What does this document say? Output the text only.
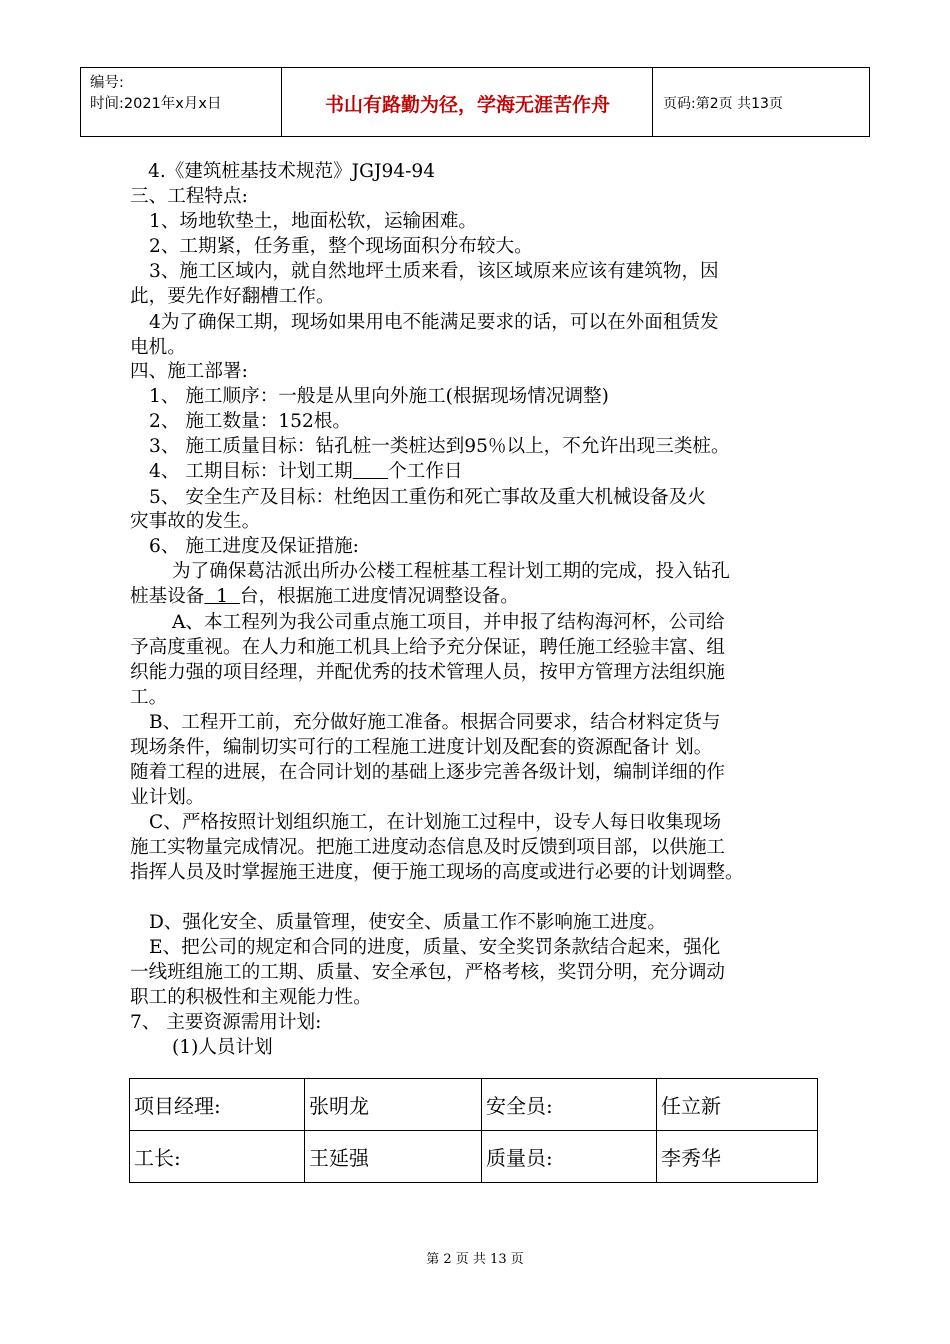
编号:
时间:2021年x月x日	书山有路勤为径，学海无涯苦作舟	页码:第2页 共13页
4.《建筑桩基技术规范》JGJ94-94
三、工程特点:
1、场地软垫土，地面松软，运输困难。
2、工期紧，任务重，整个现场面积分布较大。
3、施工区域内，就自然地坪土质来看，该区域原来应该有建筑物，因
此，要先作好翻槽工作。
4为了确保工期，现场如果用电不能满足要求的话，可以在外面租赁发
电机。
四、施工部署:
1、 施工顺序：一般是从里向外施工(根据现场情况调整)
2、 施工数量：152根。
3、 施工质量目标：钻孔桩一类桩达到95％以上，不允许出现三类桩。
4、 工期目标：计划工期 个工作日
5、 安全生产及目标：杜绝因工重伤和死亡事故及重大机械设备及火
灾事故的发生。
6、 施工进度及保证措施:
为了确保葛沽派出所办公楼工程桩基工程计划工期的完成，投入钻孔
桩基设备  1  台，根据施工进度情况调整设备。
A、本工程列为我公司重点施工项目，并申报了结构海河杯，公司给
予高度重视。在人力和施工机具上给予充分保证，聘任施工经验丰富、组
织能力强的项目经理，并配优秀的技术管理人员，按甲方管理方法组织施
工。
B、工程开工前，充分做好施工准备。根据合同要求，结合材料定货与
现场条件，编制切实可行的工程施工进度计划及配套的资源配备计 划。
随着工程的进展，在合同计划的基础上逐步完善各级计划，编制详细的作
业计划。
C、严格按照计划组织施工，在计划施工过程中，设专人每日收集现场
施工实物量完成情况。把施工进度动态信息及时反馈到项目部，以供施工
指挥人员及时掌握施王进度，便于施工现场的高度或进行必要的计划调整。
D、强化安全、质量管理，使安全、质量工作不影响施工进度。
E、把公司的规定和合同的进度，质量、安全奖罚条款结合起来，强化
一线班组施工的工期、质量、安全承包，严格考核，奖罚分明，充分调动
职工的积极性和主观能力性。
7、 主要资源需用计划:
(1)人员计划
项目经理:	张明龙	安全员:	任立新
工长:	王延强	质量员:	李秀华
第 2 页 共 13 页
